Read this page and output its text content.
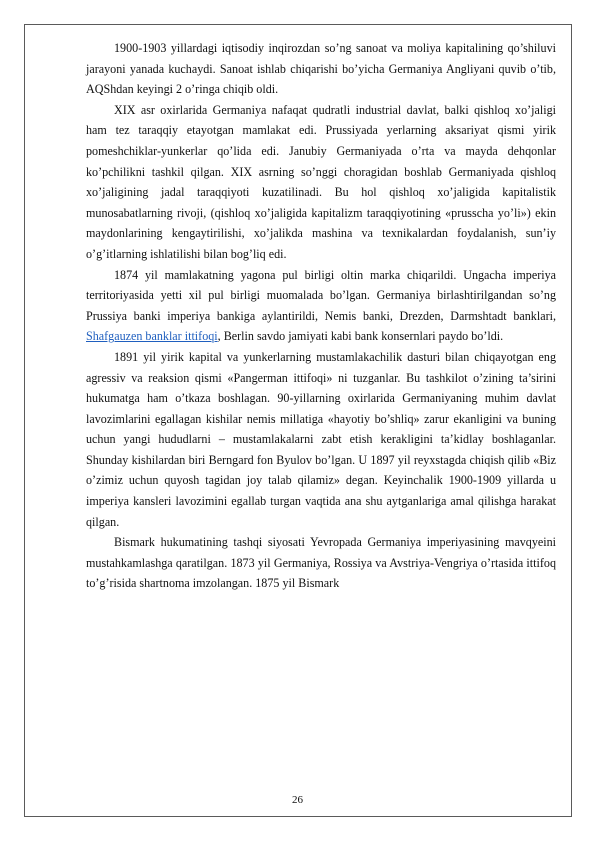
1900-1903 yillardagi iqtisodiy inqirozdan so’ng sanoat va moliya kapitalining qo’shiluvi jarayoni yanada kuchaydi. Sanoat ishlab chiqarishi bo’yicha Germaniya Angliyani quvib o’tib, AQShdan keyingi 2 o’ringa chiqib oldi.

XIX asr oxirlarida Germaniya nafaqat qudratli industrial davlat, balki qishloq xo’jaligi ham tez taraqqiy etayotgan mamlakat edi. Prussiyada yerlarning aksariyat qismi yirik pomeshchiklar-yunkerlar qo’lida edi. Janubiy Germaniyada o’rta va mayda dehqonlar ko’pchilikni tashkil qilgan. XIX asrning so’nggi choragidan boshlab Germaniyada qishloq xo’jaligining jadal taraqqiyoti kuzatilinadi. Bu hol qishloq xo’jaligida kapitalistik munosabatlarning rivoji, (qishloq xo’jaligida kapitalizm taraqqiyotining «prussсha yo’li») ekin maydonlarining kengaytirilishi, xo’jalikda mashina va texnikalardan foydalanish, sun’iy o’g’itlarning ishlatilishi bilan bog’liq edi.

1874 yil mamlakatning yagona pul birligi oltin marka chiqarildi. Ungacha imperiya territoriyasida yetti xil pul birligi muomalada bo’lgan. Germaniya birlashtirilgandan so’ng Prussiya banki imperiya bankiga aylantirildi, Nemis banki, Drezden, Darmshtadt banklari, Shafgauzen banklar ittifoqi, Berlin savdo jamiyati kabi bank konsernlari paydo bo’ldi.

1891 yil yirik kapital va yunkerlarning mustamlakachilik dasturi bilan chiqayotgan eng agressiv va reaksion qismi «Pangerman ittifoqi» ni tuzganlar. Bu tashkilot o’zining ta’sirini hukumatga ham o’tkaza boshlagan. 90-yillarning oxirlarida Germaniyaning muhim davlat lavozimlarini egallagan kishilar nemis millatiga «hayotiy bo’shliq» zarur ekanligini va buning uchun yangi hududlarni – mustamlakalarni zabt etish kerakligini ta’kidlay boshlaganlar. Shunday kishilardan biri Berngard fon Byulov bo’lgan. U 1897 yil reyxstagda chiqish qilib «Biz o’zimiz uchun quyosh tagidan joy talab qilamiz» degan. Keyinchalik 1900-1909 yillarda u imperiya kansleri lavozimini egallab turgan vaqtida ana shu aytganlariga amal qilishga harakat qilgan.

Bismark hukumatining tashqi siyosati Yevropada Germaniya imperiyasining mavqyeini mustahkamlashga qaratilgan. 1873 yil Germaniya, Rossiya va Avstriya-Vengriya o’rtasida ittifoq to’g’risida shartnoma imzolangan. 1875 yil Bismark

26
